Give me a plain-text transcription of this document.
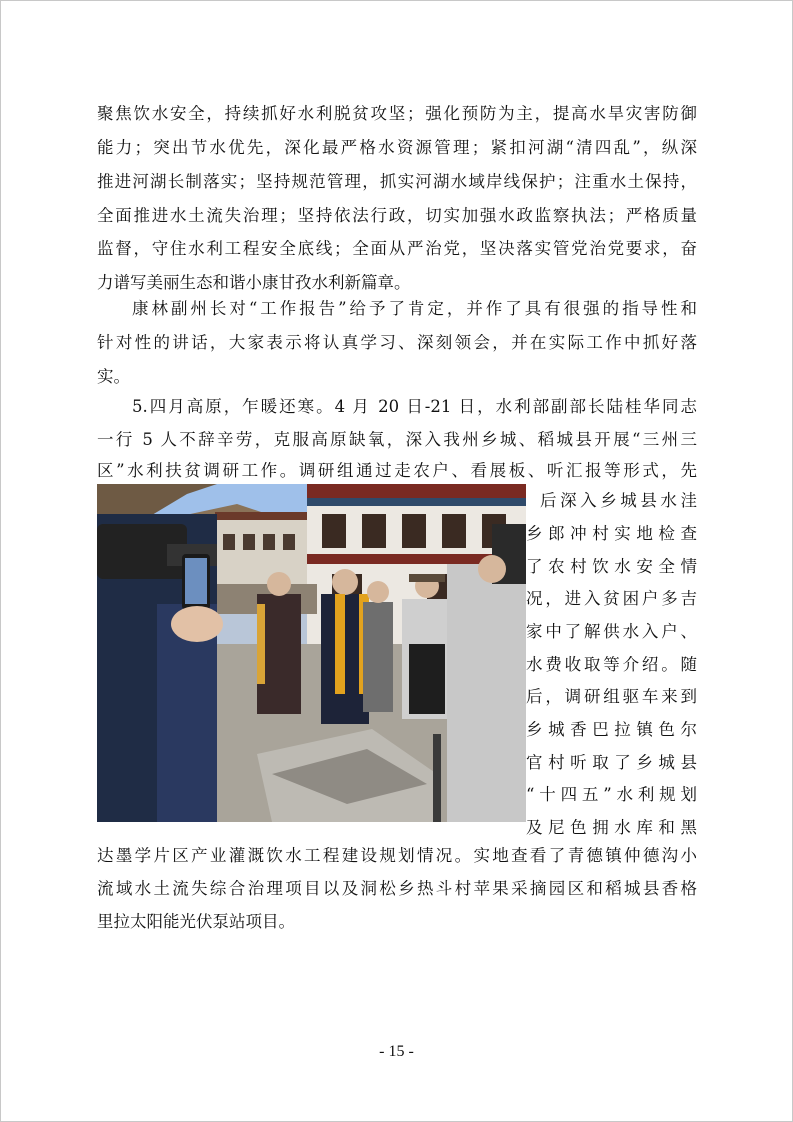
聚焦饮水安全，持续抓好水利脱贫攻坚；强化预防为主，提高水旱灾害防御
能力；突出节水优先，深化最严格水资源管理；紧扣河湖“清四乱”，纵深
推进河湖长制落实；坚持规范管理，抓实河湖水域岸线保护；注重水土保持，
全面推进水土流失治理；坚持依法行政，切实加强水政监察执法；严格质量
监督，守住水利工程安全底线；全面从严治党，坚决落实管党治党要求，奋
力谱写美丽生态和谐小康甘孜水利新篇章。
康林副州长对“工作报告”给予了肯定，并作了具有很强的指导性和
针对性的讲话，大家表示将认真学习、深刻领会，并在实际工作中抓好落
实。
5.四月高原，乍暖还寒。4 月 20 日-21 日，水利部副部长陆桂华同志
一行 5 人不辞辛劳，克服高原缺氧，深入我州乡城、稻城县开展“三州三
区”水利扶贫调研工作。调研组通过走农户、看展板、听汇报等形式，先
后深入乡城县水洼
乡郎冲村实地检查
了农村饮水安全情
况，进入贫困户多吉
家中了解供水入户、
水费收取等介绍。随
后，调研组驱车来到
乡城香巴拉镇色尔
官村听取了乡城县
“十四五”水利规划
及尼色拥水库和黑
达墨学片区产业灌溉饮水工程建设规划情况。实地查看了青德镇仲德沟小
流域水土流失综合治理项目以及洞松乡热斗村苹果采摘园区和稻城县香格
里拉太阳能光伏泵站项目。
- 15 -
